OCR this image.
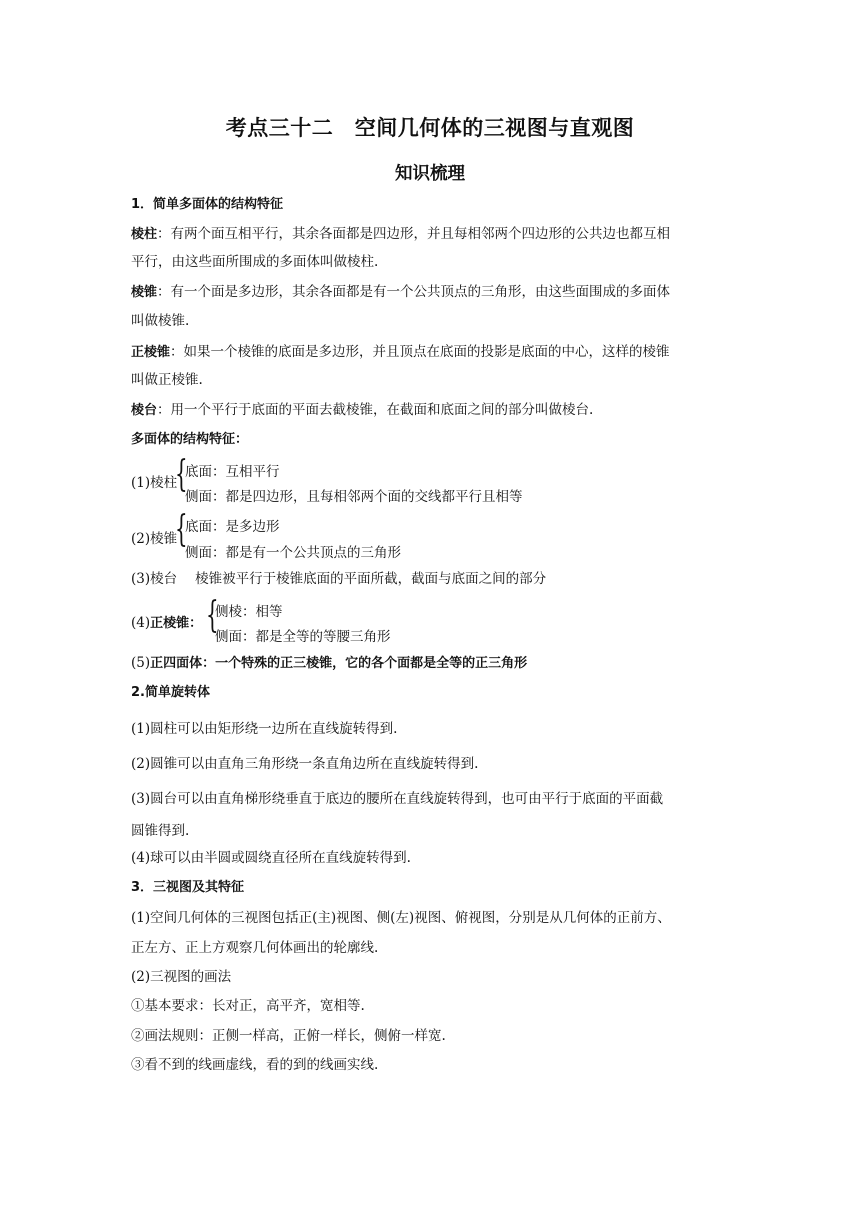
考点三十二　空间几何体的三视图与直观图
知识梳理
1．简单多面体的结构特征
棱柱：有两个面互相平行，其余各面都是四边形，并且每相邻两个四边形的公共边也都互相
平行，由这些面所围成的多面体叫做棱柱.
棱锥：有一个面是多边形，其余各面都是有一个公共顶点的三角形，由这些面围成的多面体
叫做棱锥.
正棱锥：如果一个棱锥的底面是多边形，并且顶点在底面的投影是底面的中心，这样的棱锥
叫做正棱锥.
棱台：用一个平行于底面的平面去截棱锥，在截面和底面之间的部分叫做棱台.
多面体的结构特征：
(1)棱柱
{
底面：互相平行
侧面：都是四边形，且每相邻两个面的交线都平行且相等
(2)棱锥
{
底面：是多边形
侧面：都是有一个公共顶点的三角形
(3)棱台 棱锥被平行于棱锥底面的平面所截，截面与底面之间的部分
(4)正棱锥： {
侧棱：相等
侧面：都是全等的等腰三角形
(5)正四面体：一个特殊的正三棱锥，它的各个面都是全等的正三角形
2.简单旋转体
(1)圆柱可以由矩形绕一边所在直线旋转得到.
(2)圆锥可以由直角三角形绕一条直角边所在直线旋转得到.
(3)圆台可以由直角梯形绕垂直于底边的腰所在直线旋转得到，也可由平行于底面的平面截
圆锥得到.
(4)球可以由半圆或圆绕直径所在直线旋转得到.
3．三视图及其特征
(1)空间几何体的三视图包括正(主)视图、侧(左)视图、俯视图，分别是从几何体的正前方、
正左方、正上方观察几何体画出的轮廓线.
(2)三视图的画法
①基本要求：长对正，高平齐，宽相等.
②画法规则：正侧一样高，正俯一样长，侧俯一样宽.
③看不到的线画虚线，看的到的线画实线.
